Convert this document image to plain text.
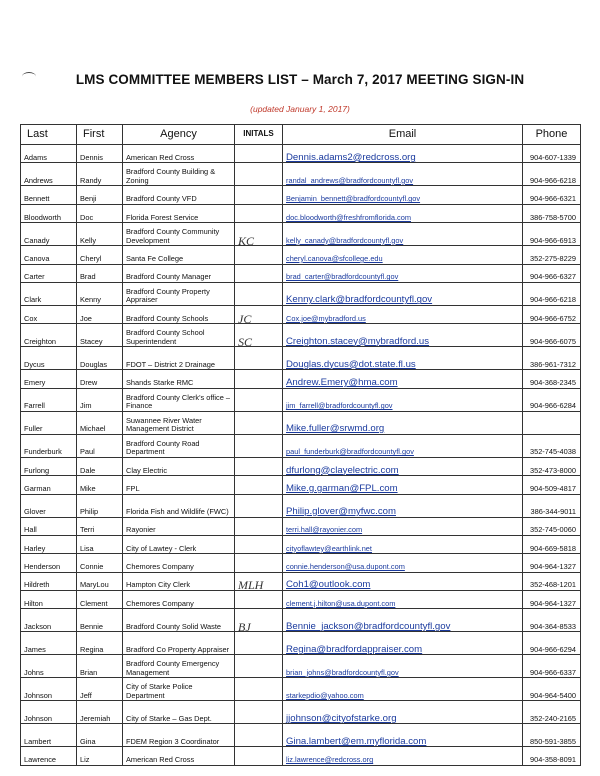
LMS COMMITTEE MEMBERS LIST – March 7, 2017 MEETING SIGN-IN
(updated January 1, 2017)
Last	First	Agency	INITALS	Email	Phone
Adams	Dennis	American Red Cross		Dennis.adams2@redcross.org	904-607-1339
Andrews	Randy	Bradford County Building & Zoning		randal_andrews@bradfordcountyfl.gov	904-966-6218
Bennett	Benji	Bradford County VFD		Benjamin_bennett@bradfordcountyfl.gov	904-966-6321
Bloodworth	Doc	Florida Forest Service		doc.bloodworth@freshfromflorida.com	386-758-5700
Canady	Kelly	Bradford County Community Development	KC	kelly_canady@bradfordcountyfl.gov	904-966-6913
Canova	Cheryl	Santa Fe College		cheryl.canova@sfcollege.edu	352-275-8229
Carter	Brad	Bradford County Manager		brad_carter@bradfordcountyfl.gov	904-966-6327
Clark	Kenny	Bradford County Property Appraiser		Kenny.clark@bradfordcountyfl.gov	904-966-6218
Cox	Joe	Bradford County Schools	JC	Cox.joe@mybradford.us	904-966-6752
Creighton	Stacey	Bradford County School Superintendent	SC	Creighton.stacey@mybradford.us	904-966-6075
Dycus	Douglas	FDOT – District 2 Drainage		Douglas.dycus@dot.state.fl.us	386-961-7312
Emery	Drew	Shands Starke RMC		Andrew.Emery@hma.com	904-368-2345
Farrell	Jim	Bradford County Clerk's office – Finance		jim_farrell@bradfordcountyfl.gov	904-966-6284
Fuller	Michael	Suwannee River Water Management District		Mike.fuller@srwmd.org	
Funderburk	Paul	Bradford County Road Department		paul_funderburk@bradfordcountyfl.gov	352-745-4038
Furlong	Dale	Clay Electric		dfurlong@clayelectric.com	352-473-8000
Garman	Mike	FPL		Mike.g.garman@FPL.com	904-509-4817
Glover	Philip	Florida Fish and Wildlife (FWC)		Philip.glover@myfwc.com	386-344-9011
Hall	Terri	Rayonier		terri.hall@rayonier.com	352-745-0060
Harley	Lisa	City of Lawtey - Clerk		cityoflawtey@earthlink.net	904-669-5818
Henderson	Connie	Chemores Company		connie.henderson@usa.dupont.com	904-964-1327
Hildreth	MaryLou	Hampton City Clerk	MLH	Coh1@outlook.com	352-468-1201
Hilton	Clement	Chemores Company		clement.j.hilton@usa.dupont.com	904-964-1327
Jackson	Bennie	Bradford County Solid Waste	BJ	Bennie_jackson@bradfordcountyfl.gov	904-364-8533
James	Regina	Bradford Co Property Appraiser		Regina@bradfordappraiser.com	904-966-6294
Johns	Brian	Bradford County Emergency Management		brian_johns@bradfordcountyfl.gov	904-966-6337
Johnson	Jeff	City of Starke Police Department		starkepdio@yahoo.com	904-964-5400
Johnson	Jeremiah	City of Starke – Gas Dept.		jjohnson@cityofstarke.org	352-240-2165
Lambert	Gina	FDEM Region 3 Coordinator		Gina.lambert@em.myflorida.com	850-591-3855
Lawrence	Liz	American Red Cross		liz.lawrence@redcross.org	904-358-8091
